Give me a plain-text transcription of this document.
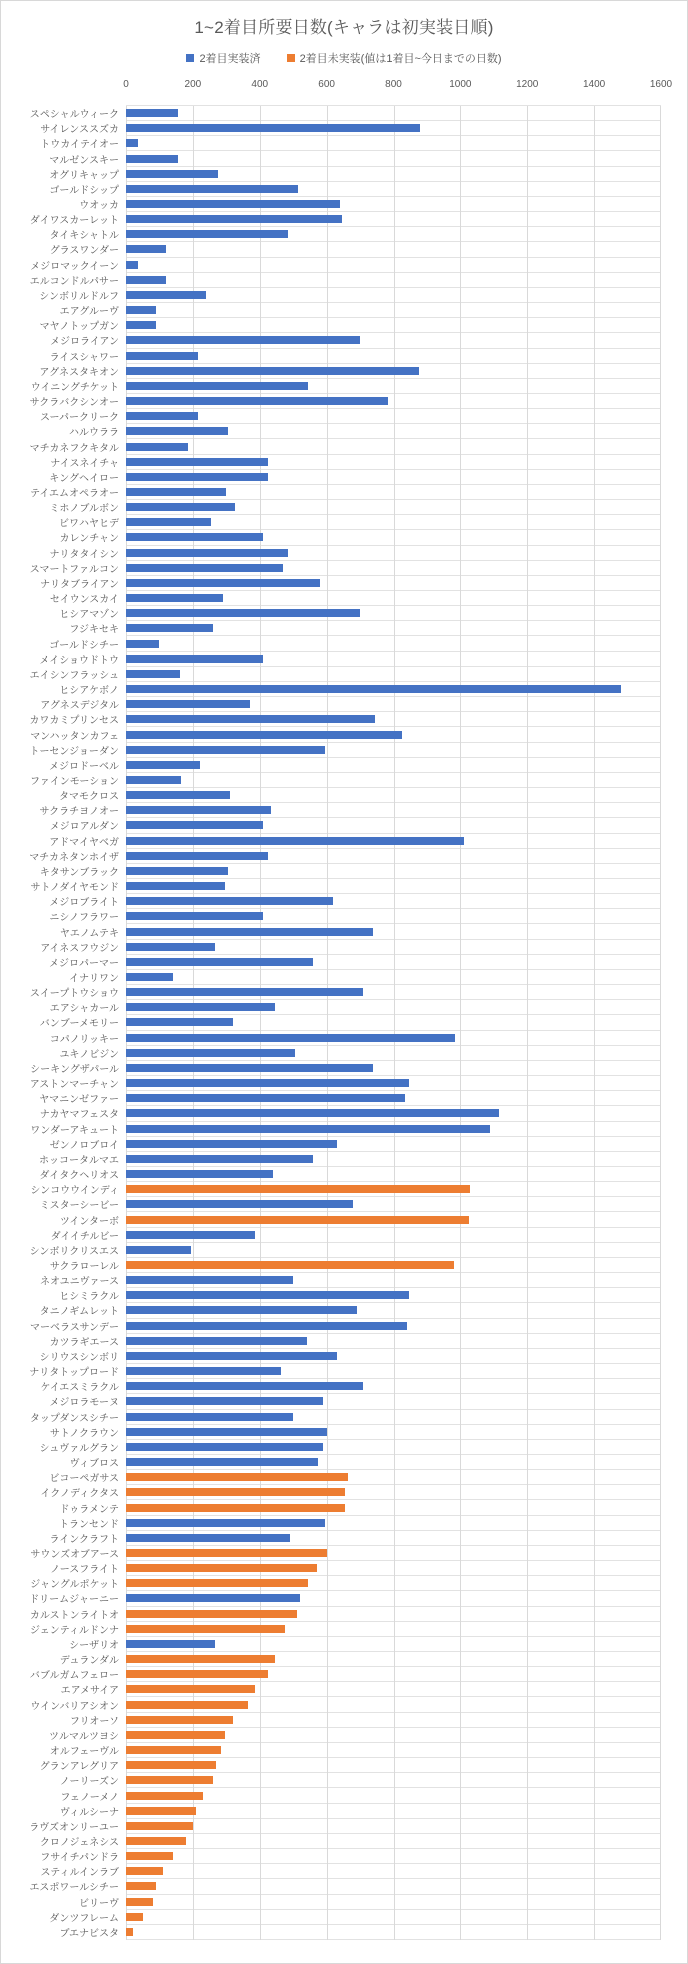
1~2着目所要日数(キャラは初実装日順)
2着目実装済	2着目未実装(値は1着目~今日までの日数)
0	200	400	600	800	1000	1200	1400	1600
スペシャルウィーク
サイレンススズカ
トウカイテイオー
マルゼンスキー
オグリキャップ
ゴールドシップ
ウオッカ
ダイワスカーレット
タイキシャトル
グラスワンダー
メジロマックイーン
エルコンドルパサー
シンボリルドルフ
エアグルーヴ
マヤノトップガン
メジロライアン
ライスシャワー
アグネスタキオン
ウイニングチケット
サクラバクシンオー
スーパークリーク
ハルウララ
マチカネフクキタル
ナイスネイチャ
キングヘイロー
テイエムオペラオー
ミホノブルボン
ビワハヤヒデ
カレンチャン
ナリタタイシン
スマートファルコン
ナリタブライアン
セイウンスカイ
ヒシアマゾン
フジキセキ
ゴールドシチー
メイショウドトウ
エイシンフラッシュ
ヒシアケボノ
アグネスデジタル
カワカミプリンセス
マンハッタンカフェ
トーセンジョーダン
メジロドーベル
ファインモーション
タマモクロス
サクラチヨノオー
メジロアルダン
アドマイヤベガ
マチカネタンホイザ
キタサンブラック
サトノダイヤモンド
メジロブライト
ニシノフラワー
ヤエノムテキ
アイネスフウジン
メジロパーマー
イナリワン
スイープトウショウ
エアシャカール
バンブーメモリー
コパノリッキー
ユキノビジン
シーキングザパール
アストンマーチャン
ヤマニンゼファー
ナカヤマフェスタ
ワンダーアキュート
ゼンノロブロイ
ホッコータルマエ
ダイタクヘリオス
シンコウウインディ
ミスターシービー
ツインターボ
ダイイチルビー
シンボリクリスエス
サクラローレル
ネオユニヴァース
ヒシミラクル
タニノギムレット
マーベラスサンデー
カツラギエース
シリウスシンボリ
ナリタトップロード
ケイエスミラクル
メジロラモーヌ
タップダンスシチー
サトノクラウン
シュヴァルグラン
ヴィブロス
ビコーペガサス
イクノディクタス
ドゥラメンテ
トランセンド
ラインクラフト
サウンズオブアース
ノースフライト
ジャングルポケット
ドリームジャーニー
カルストンライトオ
ジェンティルドンナ
シーザリオ
デュランダル
バブルガムフェロー
エアメサイア
ウインバリアシオン
フリオーソ
ツルマルツヨシ
オルフェーヴル
グランアレグリア
ノーリーズン
フェノーメノ
ヴィルシーナ
ラヴズオンリーユー
クロノジェネシス
フサイチパンドラ
スティルインラブ
エスポワールシチー
ビリーヴ
ダンツフレーム
ブエナビスタ
